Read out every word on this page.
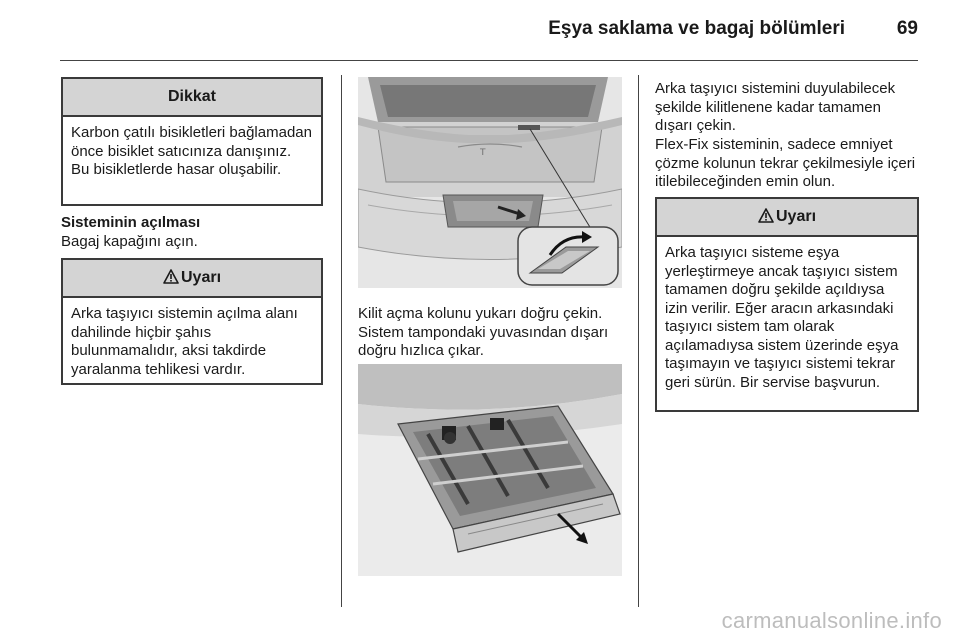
Eşya saklama ve bagaj bölümleri	69
Dikkat
Karbon çatılı bisikletleri bağlamadan önce bisiklet satıcınıza danışınız. Bu bisikletlerde hasar oluşabilir.
Sisteminin açılması
Bagaj kapağını açın.
Uyarı
Arka taşıyıcı sistemin açılma alanı dahilinde hiçbir şahıs bulunmamalıdır, aksi takdirde yaralanma tehlikesi vardır.
T
Kilit açma kolunu yukarı doğru çekin. Sistem tampondaki yuvasından dışarı doğru hızlıca çıkar.
Arka taşıyıcı sistemini duyulabilecek şekilde kilitlenene kadar tamamen dışarı çekin.
Flex-Fix sisteminin, sadece emniyet çözme kolunun tekrar çekilmesiyle içeri itilebileceğinden emin olun.
Uyarı
Arka taşıyıcı sisteme eşya yerleştirmeye ancak taşıyıcı sistem tamamen doğru şekilde açıldıysa izin verilir. Eğer aracın arkasındaki taşıyıcı sistem tam olarak açılamadıysa sistem üzerinde eşya taşımayın ve taşıyıcı sistemi tekrar geri sürün. Bir servise başvurun.
carmanualsonline.info
